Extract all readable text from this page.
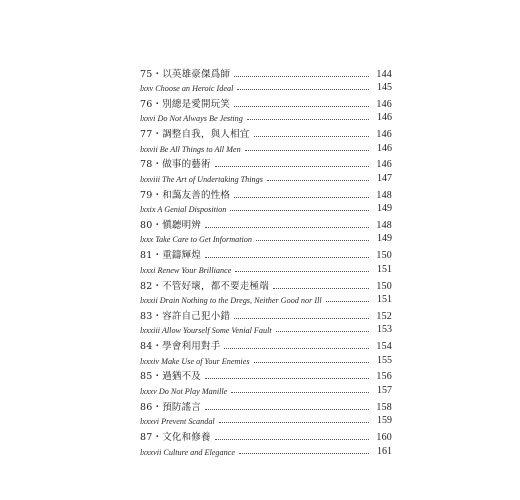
75・以英雄豪傑爲師	144
lxxv Choose an Heroic Ideal	145
76・別總是愛開玩笑	146
lxxvi Do Not Always Be Jesting	146
77・調整自我，與人相宜	146
lxxvii Be All Things to All Men	146
78・做事的藝術	146
lxxviii The Art of Undertaking Things	147
79・和藹友善的性格	148
lxxix A Genial Disposition	149
80・愼聽明辨	148
lxxx Take Care to Get Information	149
81・重鑄輝煌	150
lxxxi Renew Your Brilliance	151
82・不管好壞，都不要走極端	150
lxxxii Drain Nothing to the Dregs, Neither Good nor Ill	151
83・容許自己犯小錯	152
lxxxiii Allow Yourself Some Venial Fault	153
84・學會利用對手	154
lxxxiv Make Use of Your Enemies	155
85・過猶不及	156
lxxxv Do Not Play Manille	157
86・預防謠言	158
lxxxvi Prevent Scandal	159
87・文化和修養	160
lxxxvii Culture and Elegance	161
